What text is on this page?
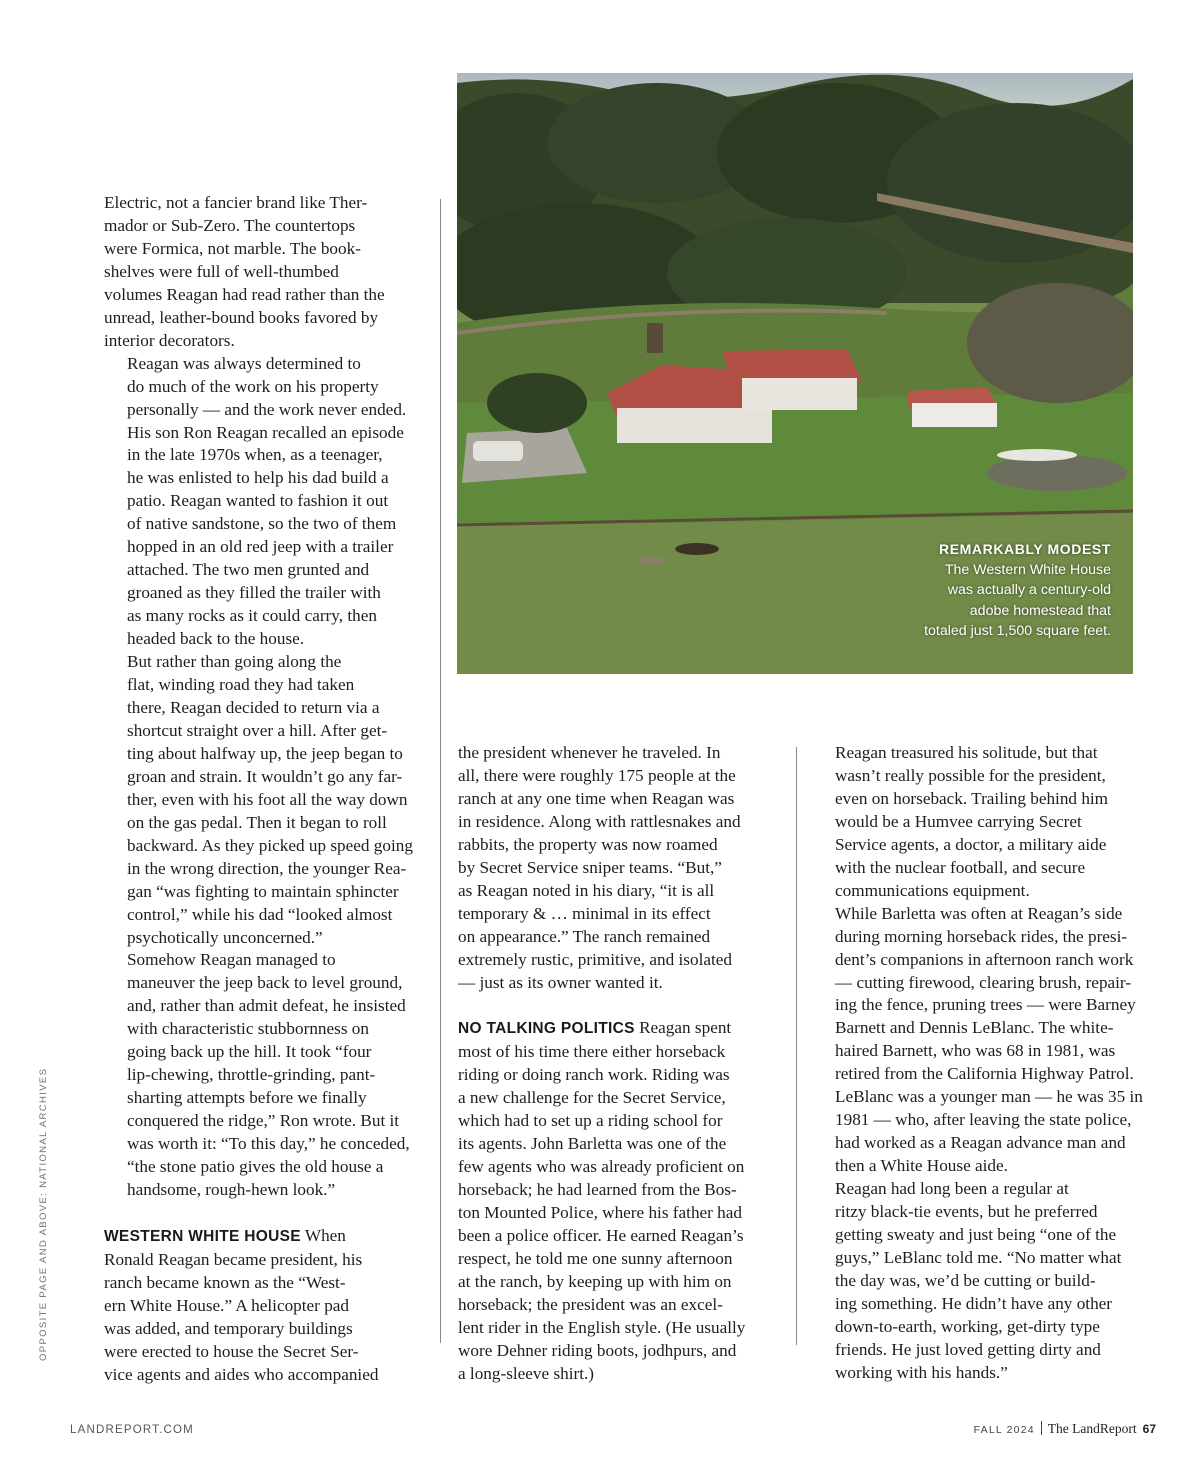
Electric, not a fancier brand like Ther-
mador or Sub-Zero. The countertops
were Formica, not marble. The book-
shelves were full of well-thumbed
volumes Reagan had read rather than the
unread, leather-bound books favored by
interior decorators.
Reagan was always determined to
do much of the work on his property
personally — and the work never ended.
His son Ron Reagan recalled an episode
in the late 1970s when, as a teenager,
he was enlisted to help his dad build a
patio. Reagan wanted to fashion it out
of native sandstone, so the two of them
hopped in an old red jeep with a trailer
attached. The two men grunted and
groaned as they filled the trailer with
as many rocks as it could carry, then
headed back to the house.
But rather than going along the
flat, winding road they had taken
there, Reagan decided to return via a
shortcut straight over a hill. After get-
ting about halfway up, the jeep began to
groan and strain. It wouldn’t go any far-
ther, even with his foot all the way down
on the gas pedal. Then it began to roll
backward. As they picked up speed going
in the wrong direction, the younger Rea-
gan “was fighting to maintain sphincter
control,” while his dad “looked almost
psychotically unconcerned.”
Somehow Reagan managed to
maneuver the jeep back to level ground,
and, rather than admit defeat, he insisted
with characteristic stubbornness on
going back up the hill. It took “four
lip-chewing, throttle-grinding, pant-
sharting attempts before we finally
conquered the ridge,” Ron wrote. But it
was worth it: “To this day,” he conceded,
“the stone patio gives the old house a
handsome, rough-hewn look.”

WESTERN WHITE HOUSE When

Ronald Reagan became president, his
ranch became known as the “West-
ern White House.” A helicopter pad
was added, and temporary buildings
were erected to house the Secret Ser-
vice agents and aides who accompanied
REMARKABLY MODEST
The Western White House
was actually a century-old
adobe homestead that
totaled just 1,500 square feet.
the president whenever he traveled. In
all, there were roughly 175 people at the
ranch at any one time when Reagan was
in residence. Along with rattlesnakes and
rabbits, the property was now roamed
by Secret Service sniper teams. “But,”
as Reagan noted in his diary, “it is all
temporary & … minimal in its effect
on appearance.” The ranch remained
extremely rustic, primitive, and isolated
— just as its owner wanted it.

NO TALKING POLITICS Reagan spent

most of his time there either horseback
riding or doing ranch work. Riding was
a new challenge for the Secret Service,
which had to set up a riding school for
its agents. John Barletta was one of the
few agents who was already proficient on
horseback; he had learned from the Bos-
ton Mounted Police, where his father had
been a police officer. He earned Reagan’s
respect, he told me one sunny afternoon
at the ranch, by keeping up with him on
horseback; the president was an excel-
lent rider in the English style. (He usually
wore Dehner riding boots, jodhpurs, and
a long-sleeve shirt.)
Reagan treasured his solitude, but that
wasn’t really possible for the president,
even on horseback. Trailing behind him
would be a Humvee carrying Secret
Service agents, a doctor, a military aide
with the nuclear football, and secure
communications equipment.
While Barletta was often at Reagan’s side
during morning horseback rides, the presi-
dent’s companions in afternoon ranch work
— cutting firewood, clearing brush, repair-
ing the fence, pruning trees — were Barney
Barnett and Dennis LeBlanc. The white-
haired Barnett, who was 68 in 1981, was
retired from the California Highway Patrol.
LeBlanc was a younger man — he was 35 in
1981 — who, after leaving the state police,
had worked as a Reagan advance man and
then a White House aide.
Reagan had long been a regular at
ritzy black-tie events, but he preferred
getting sweaty and just being “one of the
guys,” LeBlanc told me. “No matter what
the day was, we’d be cutting or build-
ing something. He didn’t have any other
down-to-earth, working, get-dirty type
friends. He just loved getting dirty and
working with his hands.”
OPPOSITE PAGE AND ABOVE: NATIONAL ARCHIVES
LANDREPORT.COM	FALL 2024 The LandReport 67
